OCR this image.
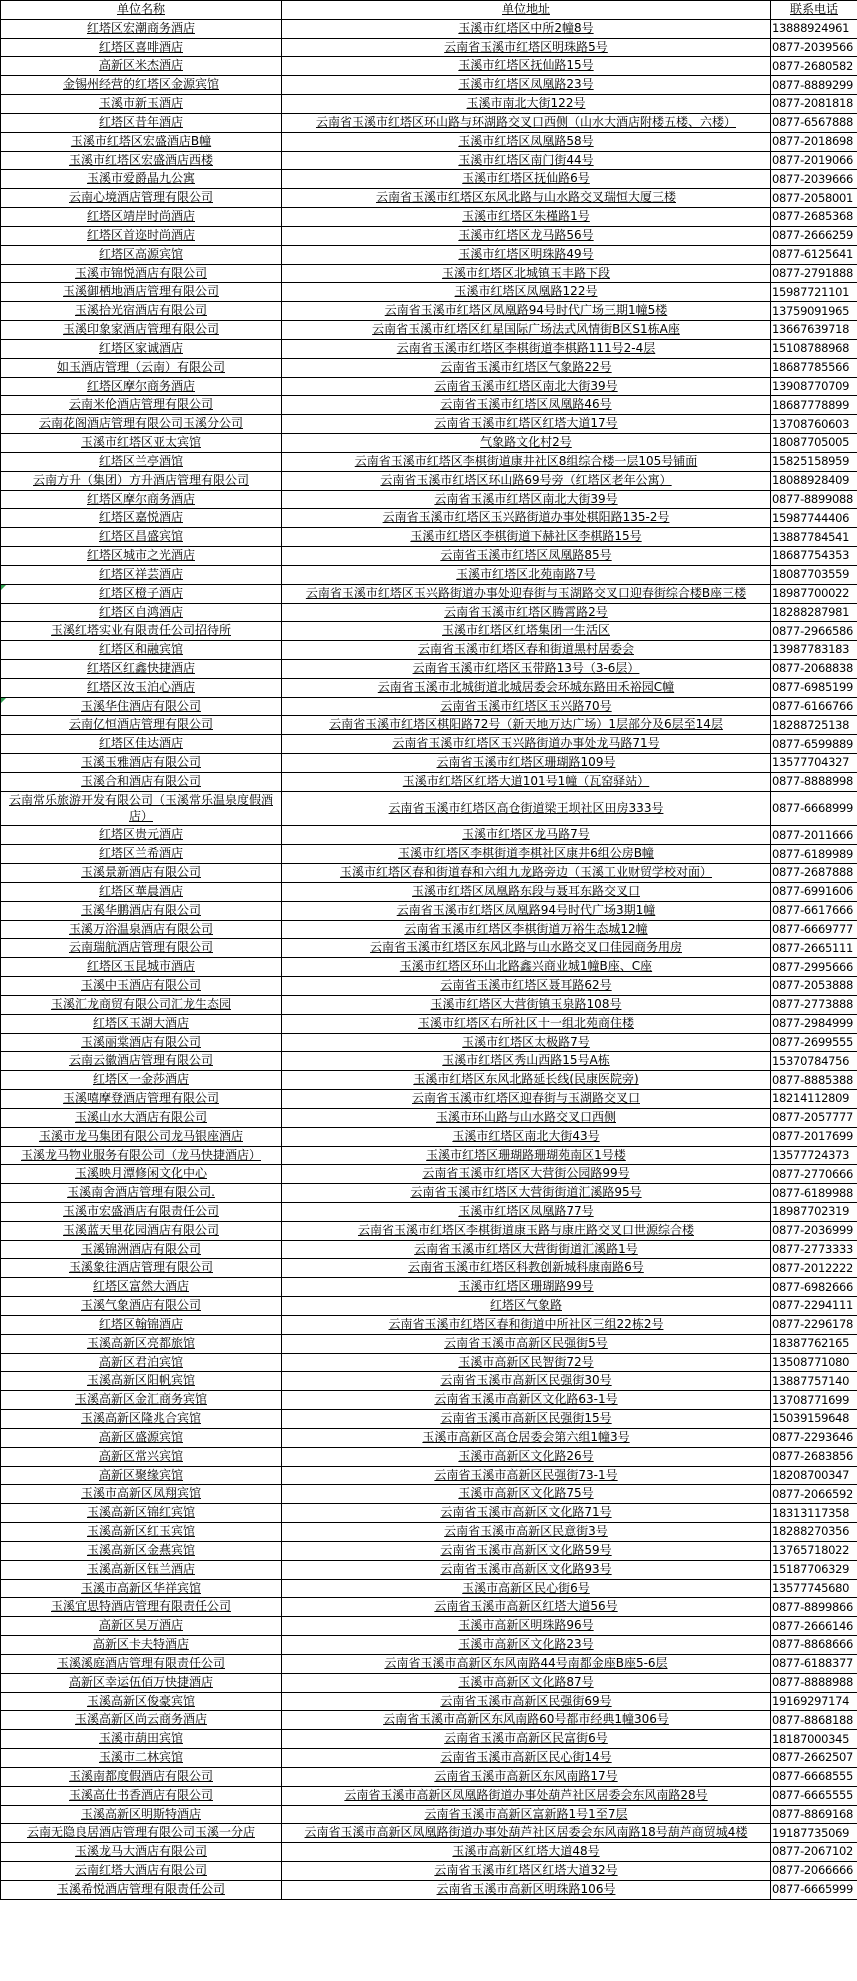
单位名称	单位地址	联系电话
红塔区宏潮商务酒店	玉溪市红塔区中所2幢8号	13888924961
红塔区喜啡酒店	云南省玉溪市红塔区明珠路5号	0877-2039566
高新区米杰酒店	玉溪市红塔区抚仙路15号	0877-2680582
金锡州经营的红塔区金源宾馆	玉溪市红塔区凤凰路23号	0877-8889299
玉溪市新玉酒店	玉溪市南北大街122号	0877-2081818
红塔区昔年酒店	云南省玉溪市红塔区环山路与环湖路交叉口西侧（山水大酒店附楼五楼、六楼）	0877-6567888
玉溪市红塔区宏盛酒店B幢	玉溪市红塔区凤凰路58号	0877-2018698
玉溪市红塔区宏盛酒店西楼	玉溪市红塔区南门街44号	0877-2019066
玉溪市爱爵晶九公寓	玉溪市红塔区抚仙路6号	0877-2039666
云南心境酒店管理有限公司	云南省玉溪市红塔区东风北路与山水路交叉瑞恒大厦三楼	0877-2058001
红塔区靖岸时尚酒店	玉溪市红塔区朱槿路1号	0877-2685368
红塔区首迩时尚酒店	玉溪市红塔区龙马路56号	0877-2666259
红塔区高源宾馆	玉溪市红塔区明珠路49号	0877-6125641
玉溪市锦悦酒店有限公司	玉溪市红塔区北城镇玉丰路下段	0877-2791888
玉溪御栖地酒店管理有限公司	玉溪市红塔区凤凰路122号	15987721101
玉溪拾光宿酒店有限公司	云南省玉溪市红塔区凤凰路94号时代广场三期1幢5楼	13759091965
玉溪印象家酒店管理有限公司	云南省玉溪市红塔区红星国际广场法式风情街B区S1栋A座	13667639718
红塔区家诚酒店	云南省玉溪市红塔区李棋街道李棋路111号2-4层	15108788968
如玉酒店管理（云南）有限公司	云南省玉溪市红塔区气象路22号	18687785566
红塔区摩尔商务酒店	云南省玉溪市红塔区南北大街39号	13908770709
云南米伦酒店管理有限公司	云南省玉溪市红塔区凤凰路46号	18687778899
云南花阁酒店管理有限公司玉溪分公司	云南省玉溪市红塔区红塔大道17号	13708760603
玉溪市红塔区亚太宾馆	气象路文化村2号	18087705005
红塔区兰亭酒馆	云南省玉溪市红塔区李棋街道康井社区8组综合楼一层105号铺面	15825158959
云南方升（集团）方升酒店管理有限公司	云南省玉溪市红塔区环山路69号旁（红塔区老年公寓）	18088928409
红塔区摩尔商务酒店	云南省玉溪市红塔区南北大街39号	0877-8899088
红塔区嘉悦酒店	云南省玉溪市红塔区玉兴路街道办事处棋阳路135-2号	15987744406
红塔区昌盛宾馆	玉溪市红塔区李棋街道下赫社区李棋路15号	13887784541
红塔区城市之光酒店	云南省玉溪市红塔区凤凰路85号	18687754353
红塔区祥芸酒店	玉溪市红塔区北苑南路7号	18087703559
红塔区橙子酒店	云南省玉溪市红塔区玉兴路街道办事处迎春街与玉湖路交叉口迎春街综合楼B座三楼	18987700022
红塔区自鸿酒店	云南省玉溪市红塔区腾霄路2号	18288287981
玉溪红塔实业有限责任公司招待所	玉溪市红塔区红塔集团一生活区	0877-2966586
红塔区和融宾馆	云南省玉溪市红塔区春和街道黑村居委会	13987783183
红塔区红鑫快捷酒店	云南省玉溪市红塔区玉带路13号（3-6层）	0877-2068838
红塔区汝玉泊心酒店	云南省玉溪市北城街道北城居委会环城东路田禾裕园C幢	0877-6985199
玉溪华住酒店有限公司	云南省玉溪市红塔区玉兴路70号	0877-6166766
云南亿恒酒店管理有限公司	云南省玉溪市红塔区棋阳路72号（新天地万达广场）1层部分及6层至14层	18288725138
红塔区佳达酒店	云南省玉溪市红塔区玉兴路街道办事处龙马路71号	0877-6599889
玉溪玉雅酒店有限公司	云南省玉溪市红塔区珊瑚路109号	13577704327
玉溪合和酒店有限公司	玉溪市红塔区红塔大道101号1幢（瓦窑驿站）	0877-8888998
云南常乐旅游开发有限公司（玉溪常乐温泉度假酒店）	云南省玉溪市红塔区高仓街道梁王坝社区田房333号	0877-6668999
红塔区贵元酒店	玉溪市红塔区龙马路7号	0877-2011666
红塔区兰希酒店	玉溪市红塔区李棋街道李棋社区康井6组公房B幢	0877-6189989
玉溪景新酒店有限公司	玉溪市红塔区春和街道春和六组九龙路旁边（玉溪工业财贸学校对面）	0877-2687888
红塔区華晨酒店	玉溪市红塔区凤凰路东段与聂耳东路交叉口	0877-6991606
玉溪华鹏酒店有限公司	云南省玉溪市红塔区凤凰路94号时代广场3期1幢	0877-6617666
玉溪万浴温泉酒店有限公司	云南省玉溪市红塔区李棋街道万裕生态城12幢	0877-6669777
云南瑞航酒店管理有限公司	云南省玉溪市红塔区东风北路与山水路交叉口佳园商务用房	0877-2665111
红塔区玉昆城市酒店	玉溪市红塔区环山北路鑫兴商业城1幢B座、C座	0877-2995666
玉溪中玉酒店有限公司	云南省玉溪市红塔区聂耳路62号	0877-2053888
玉溪汇龙商贸有限公司汇龙生态园	玉溪市红塔区大营街镇玉泉路108号	0877-2773888
红塔区玉湖大酒店	玉溪市红塔区右所社区十一组北苑商住楼	0877-2984999
玉溪丽棠酒店有限公司	玉溪市红塔区太极路7号	0877-2699555
云南云徽酒店管理有限公司	玉溪市红塔区秀山西路15号A栋	15370784756
红塔区一金莎酒店	玉溪市红塔区东风北路延长线(民康医院旁)	0877-8885388
玉溪嘻摩登酒店管理有限公司	云南省玉溪市红塔区迎春街与玉湖路交叉口	18214112809
玉溪山水大酒店有限公司	玉溪市环山路与山水路交叉口西侧	0877-2057777
玉溪市龙马集团有限公司龙马银座酒店	玉溪市红塔区南北大街43号	0877-2017699
玉溪龙马物业服务有限公司（龙马快捷酒店）	玉溪市红塔区珊瑚路珊瑚苑南区1号楼	13577724373
玉溪映月潭修闲文化中心	云南省玉溪市红塔区大营街公园路99号	0877-2770666
玉溪南舍酒店管理有限公司.	云南省玉溪市红塔区大营街街道汇溪路95号	0877-6189988
玉溪市宏盛酒店有限责任公司	玉溪市红塔区凤凰路77号	18987702319
玉溪蓝天里花园酒店有限公司	云南省玉溪市红塔区李棋街道康玉路与康庄路交叉口世源综合楼	0877-2036999
玉溪锦洲酒店有限公司	云南省玉溪市红塔区大营街街道汇溪路1号	0877-2773333
玉溪象往酒店管理有限公司	云南省玉溪市红塔区科教创新城科康南路6号	0877-2012222
红塔区富然大酒店	玉溪市红塔区珊瑚路99号	0877-6982666
玉溪气象酒店有限公司	红塔区气象路	0877-2294111
红塔区翰锦酒店	云南省玉溪市红塔区春和街道中所社区三组22栋2号	0877-2296178
玉溪高新区亮都旅馆	云南省玉溪市高新区民强街5号	18387762165
高新区君泊宾馆	玉溪市高新区民智街72号	13508771080
玉溪高新区阳帆宾馆	云南省玉溪市高新区民强街30号	13887757140
玉溪高新区金汇商务宾馆	云南省玉溪市高新区文化路63-1号	13708771699
玉溪高新区隆兆合宾馆	云南省玉溪市高新区民强街15号	15039159648
高新区盛源宾馆	玉溪市高新区高仓居委会第六组1幢3号	0877-2293646
高新区常兴宾馆	玉溪市高新区文化路26号	0877-2683856
高新区聚缘宾馆	云南省玉溪市高新区民强街73-1号	18208700347
玉溪市高新区凤翔宾馆	玉溪市高新区文化路75号	0877-2066592
玉溪高新区锦红宾馆	云南省玉溪市高新区文化路71号	18313117358
玉溪高新区红玉宾馆	云南省玉溪市高新区民意街3号	18288270356
玉溪高新区金燕宾馆	云南省玉溪市高新区文化路59号	13765718022
玉溪高新区钰兰酒店	云南省玉溪市高新区文化路93号	15187706329
玉溪市高新区华祥宾馆	玉溪市高新区民心街6号	13577745680
玉溪宜思特酒店管理有限责任公司	云南省玉溪市高新区红塔大道56号	0877-8899866
高新区昊万酒店	玉溪市高新区明珠路96号	0877-2666146
高新区卡夫特酒店	玉溪市高新区文化路23号	0877-8868666
玉溪溪庭酒店管理有限责任公司	云南省玉溪市高新区东风南路44号南都金座B座5-6层	0877-6188377
高新区幸运伍佰万快捷酒店	玉溪市高新区文化路87号	0877-8888988
玉溪高新区俊豪宾馆	云南省玉溪市高新区民强街69号	19169297174
玉溪高新区尚云商务酒店	云南省玉溪市高新区东风南路60号都市经典1幢306号	0877-8868188
玉溪市葫田宾馆	云南省玉溪市高新区民富街6号	18187000345
玉溪市二林宾馆	云南省玉溪市高新区民心街14号	0877-2662507
玉溪南都度假酒店有限公司	云南省玉溪市高新区东风南路17号	0877-6668555
玉溪高仕书香酒店有限公司	云南省玉溪市高新区凤凰路街道办事处葫芦社区居委会东风南路28号	0877-6665555
玉溪高新区明斯特酒店	云南省玉溪市高新区富新路1号1至7层	0877-8869168
云南无隐良居酒店管理有限公司玉溪一分店	云南省玉溪市高新区凤凰路街道办事处葫芦社区居委会东风南路18号葫芦商贸城4楼	19187735069
玉溪龙马大酒店有限公司	玉溪市高新区红塔大道48号	0877-2067102
云南红塔大酒店有限公司	云南省玉溪市红塔区红塔大道32号	0877-2066666
玉溪希悦酒店管理有限责任公司	云南省玉溪市高新区明珠路106号	0877-6665999
